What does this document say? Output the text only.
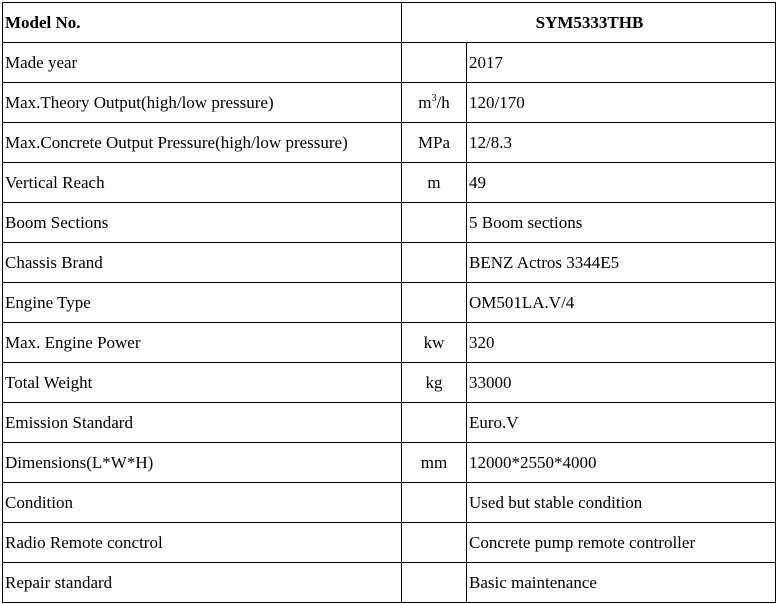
Model No.	SYM5333THB	
Made year		2017
Max.Theory Output(high/low pressure)	$m^3/h$	120/170
Max.Concrete Output Pressure(high/low pressure)	MPa	12/8.3
Vertical Reach	m	49
Boom Sections		5 Boom sections
Chassis Brand		BENZ Actros 3344E5
Engine Type		OM501LA.V/4
Max. Engine Power	kw	320
Total Weight	kg	33000
Emission Standard		Euro.V
Dimensions(L*W*H)	mm	12000*2550*4000
Condition		Used but stable condition
Radio Remote conctrol		Concrete pump remote controller
Repair standard		Basic maintenance
